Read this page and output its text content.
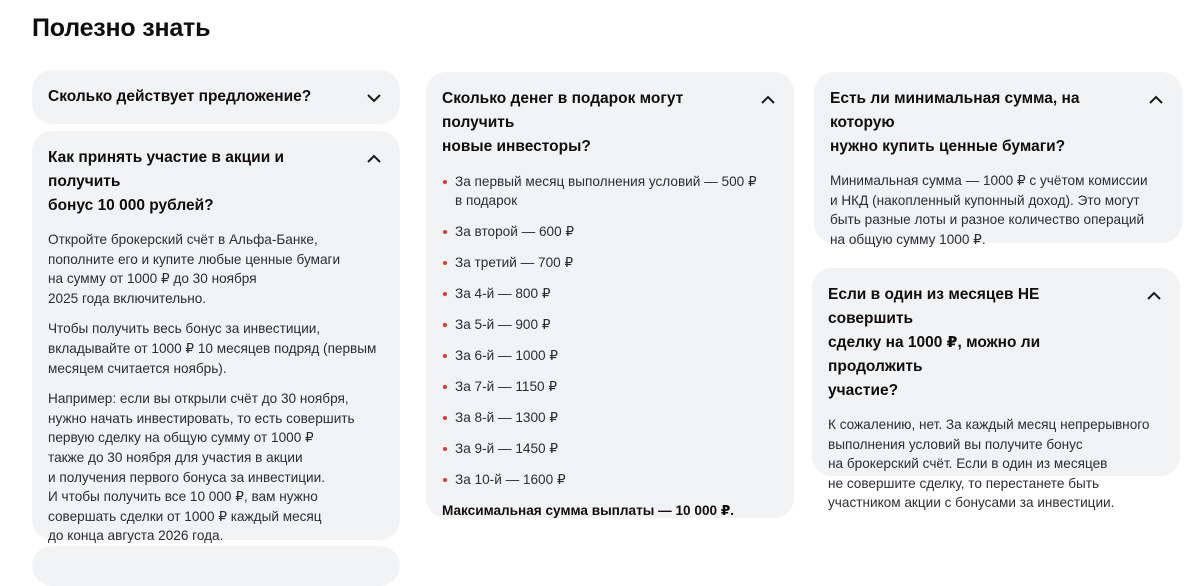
Полезно знать
Сколько действует предложение?
Как принять участие в акции и получить
бонус 10 000 рублей?
Откройте брокерский счёт в Альфа-Банке,
пополните его и купите любые ценные бумаги
на сумму от 1000 ₽ до 30 ноября
2025 года включительно.
Чтобы получить весь бонус за инвестиции,
вкладывайте от 1000 ₽ 10 месяцев подряд (первым
месяцем считается ноябрь).
Например: если вы открыли счёт до 30 ноября,
нужно начать инвестировать, то есть совершить
первую сделку на общую сумму от 1000 ₽
также до 30 ноября для участия в акции
и получения первого бонуса за инвестиции.
И чтобы получить все 10 000 ₽, вам нужно
совершать сделки от 1000 ₽ каждый месяц
до конца августа 2026 года.
Сколько денег в подарок могут получить
новые инвесторы?
За первый месяц выполнения условий — 500 ₽
в подарок
За второй — 600 ₽
За третий — 700 ₽
За 4-й — 800 ₽
За 5-й — 900 ₽
За 6-й — 1000 ₽
За 7-й — 1150 ₽
За 8-й — 1300 ₽
За 9-й — 1450 ₽
За 10-й — 1600 ₽
Максимальная сумма выплаты — 10 000 ₽.
Есть ли минимальная сумма, на которую
нужно купить ценные бумаги?
Минимальная сумма — 1000 ₽ с учётом комиссии
и НКД (накопленный купонный доход). Это могут
быть разные лоты и разное количество операций
на общую сумму 1000 ₽.
Если в один из месяцев НЕ совершить
сделку на 1000 ₽, можно ли продолжить
участие?
К сожалению, нет. За каждый месяц непрерывного
выполнения условий вы получите бонус
на брокерский счёт. Если в один из месяцев
не совершите сделку, то перестанете быть
участником акции с бонусами за инвестиции.
